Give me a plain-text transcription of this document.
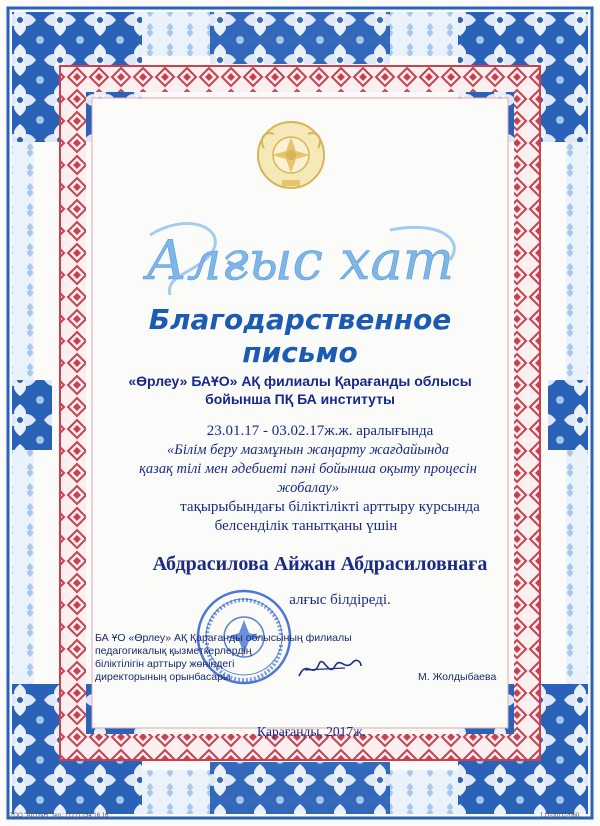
Алғыс хат
Благодарственное
письмо
«Өрлеу» БАҰО» АҚ филиалы Қарағанды облысы
бойынша ПҚ БА институты
23.01.17 - 03.02.17ж.ж. аралығында
«Білім беру мазмұнын жаңарту жағдайында
қазақ тілі мен әдебиеті пәні бойынша оқыту процесін
жобалау»
тақырыбындағы біліктілікті арттыру курсында
белсенділік танытқаны үшін
Абдрасилова Айжан Абдрасиловнаға
алғыс білдіреді.
БА ҰО «Өрлеу» АҚ Қарағанды облысының филиалы
педагогикалық қызметкерлердің
біліктілігін арттыру жөніндегі
директорының орынбасары	М. Жолдыбаева
Қарағанды, 2017ж.
ТОО "АЛТЫН" тел.: (727) 234 16 16	1.П-0011/2060
